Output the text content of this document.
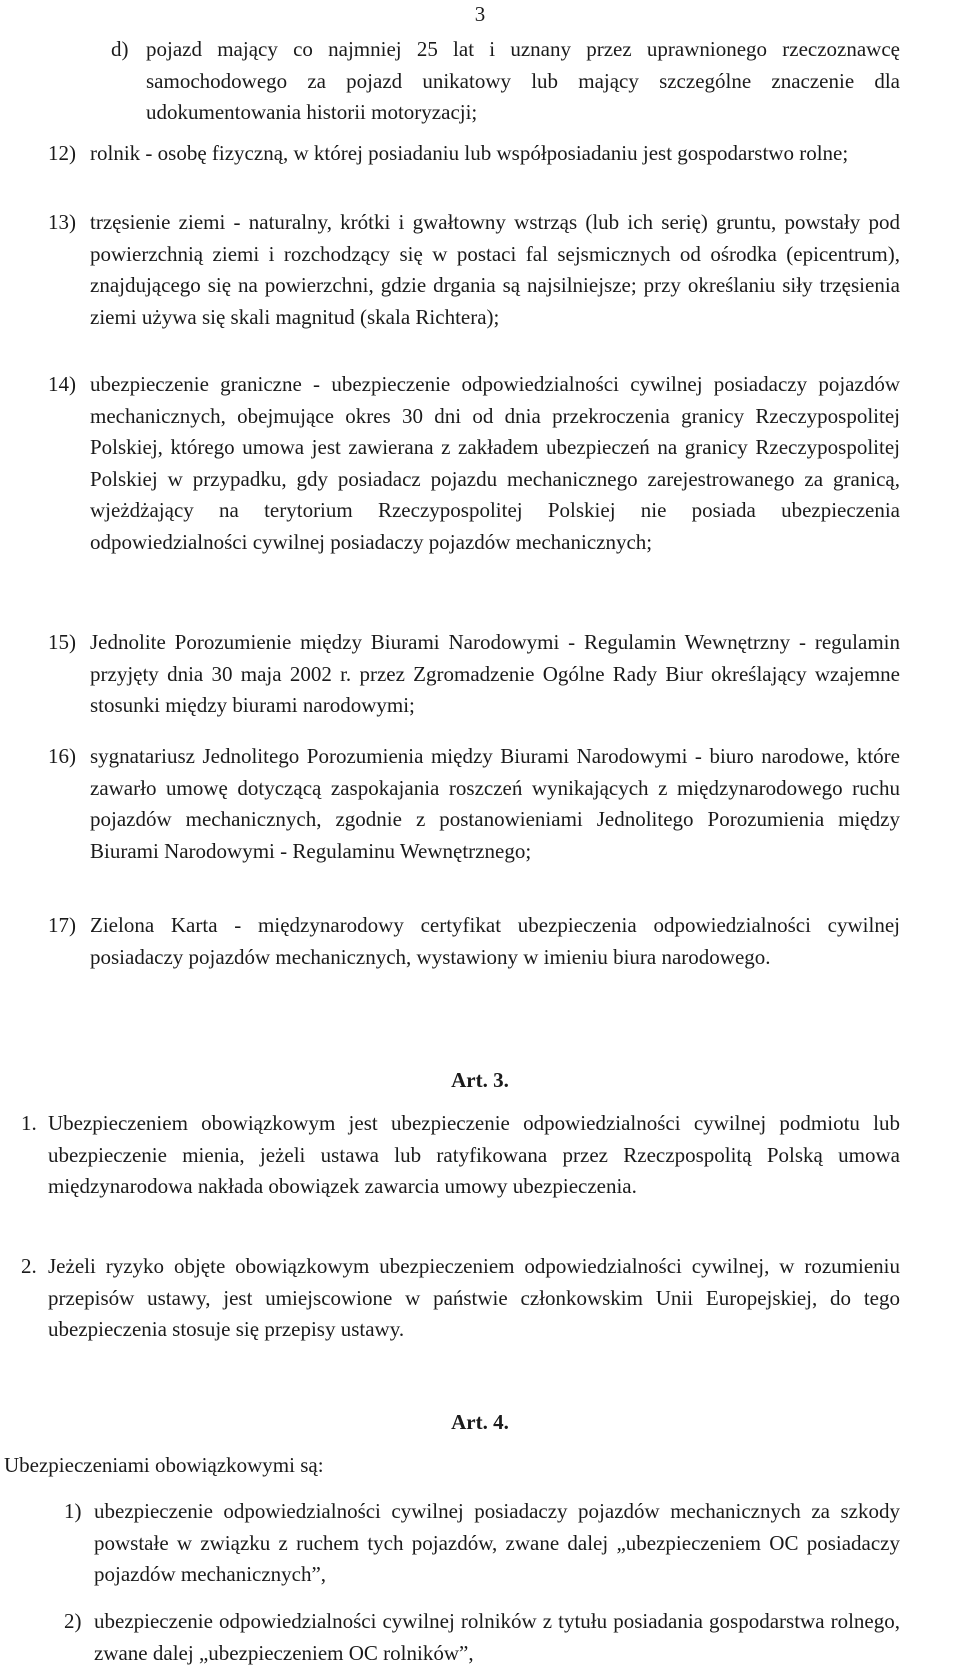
3
d) pojazd mający co najmniej 25 lat i uznany przez uprawnionego rzeczoznawcę samochodowego za pojazd unikatowy lub mający szczególne znaczenie dla udokumentowania historii motoryzacji;
12) rolnik - osobę fizyczną, w której posiadaniu lub współposiadaniu jest gospodarstwo rolne;
13) trzęsienie ziemi - naturalny, krótki i gwałtowny wstrząs (lub ich serię) gruntu, powstały pod powierzchnią ziemi i rozchodzący się w postaci fal sejsmicznych od ośrodka (epicentrum), znajdującego się na powierzchni, gdzie drgania są najsilniejsze; przy określaniu siły trzęsienia ziemi używa się skali magnitud (skala Richtera);
14) ubezpieczenie graniczne - ubezpieczenie odpowiedzialności cywilnej posiadaczy pojazdów mechanicznych, obejmujące okres 30 dni od dnia przekroczenia granicy Rzeczypospolitej Polskiej, którego umowa jest zawierana z zakładem ubezpieczeń na granicy Rzeczypospolitej Polskiej w przypadku, gdy posiadacz pojazdu mechanicznego zarejestrowanego za granicą, wjeżdżający na terytorium Rzeczypospolitej Polskiej nie posiada ubezpieczenia odpowiedzialności cywilnej posiadaczy pojazdów mechanicznych;
15) Jednolite Porozumienie między Biurami Narodowymi - Regulamin Wewnętrzny - regulamin przyjęty dnia 30 maja 2002 r. przez Zgromadzenie Ogólne Rady Biur określający wzajemne stosunki między biurami narodowymi;
16) sygnatariusz Jednolitego Porozumienia między Biurami Narodowymi - biuro narodowe, które zawarło umowę dotyczącą zaspokajania roszczeń wynikających z międzynarodowego ruchu pojazdów mechanicznych, zgodnie z postanowieniami Jednolitego Porozumienia między Biurami Narodowymi - Regulaminu Wewnętrznego;
17) Zielona Karta - międzynarodowy certyfikat ubezpieczenia odpowiedzialności cywilnej posiadaczy pojazdów mechanicznych, wystawiony w imieniu biura narodowego.
Art. 3.
1. Ubezpieczeniem obowiązkowym jest ubezpieczenie odpowiedzialności cywilnej podmiotu lub ubezpieczenie mienia, jeżeli ustawa lub ratyfikowana przez Rzeczpospolitą Polską umowa międzynarodowa nakłada obowiązek zawarcia umowy ubezpieczenia.
2. Jeżeli ryzyko objęte obowiązkowym ubezpieczeniem odpowiedzialności cywilnej, w rozumieniu przepisów ustawy, jest umiejscowione w państwie członkowskim Unii Europejskiej, do tego ubezpieczenia stosuje się przepisy ustawy.
Art. 4.
Ubezpieczeniami obowiązkowymi są:
1) ubezpieczenie odpowiedzialności cywilnej posiadaczy pojazdów mechanicznych za szkody powstałe w związku z ruchem tych pojazdów, zwane dalej „ubezpieczeniem OC posiadaczy pojazdów mechanicznych”,
2) ubezpieczenie odpowiedzialności cywilnej rolników z tytułu posiadania gospodarstwa rolnego, zwane dalej „ubezpieczeniem OC rolników”,
